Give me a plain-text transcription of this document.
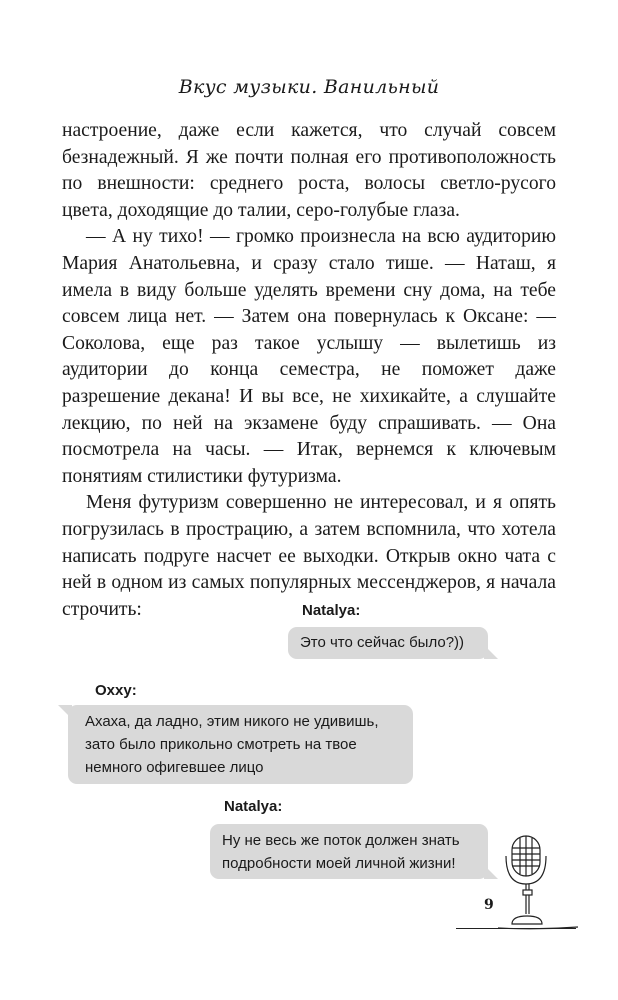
Вкус музыки. Ванильный

настроение, даже если кажется, что случай совсем безнадежный. Я же почти полная его противоположность по внешности: среднего роста, волосы светло-русого цвета, доходящие до талии, серо-голубые глаза.

— А ну тихо! — громко произнесла на всю аудиторию Мария Анатольевна, и сразу стало тише. — Наташ, я имела в виду больше уделять времени сну дома, на тебе совсем лица нет. — Затем она повернулась к Оксане: — Соколова, еще раз такое услышу — вылетишь из аудитории до конца семестра, не поможет даже разрешение декана! И вы все, не хихикайте, а слушайте лекцию, по ней на экзамене буду спрашивать. — Она посмотрела на часы. — Итак, вернемся к ключевым понятиям стилистики футуризма.

Меня футуризм совершенно не интересовал, и я опять погрузилась в прострацию, а затем вспомнила, что хотела написать подруге насчет ее выходки. Открыв окно чата с ней в одном из самых популярных мессенджеров, я начала строчить:	Natalya:
Это что сейчас было?))
Oxxy:
Ахаха, да ладно, этим никого не удивишь,
зато было прикольно смотреть на твое
немного офигевшее лицо
Natalya:
Ну не весь же поток должен знать
подробности моей личной жизни!
9
